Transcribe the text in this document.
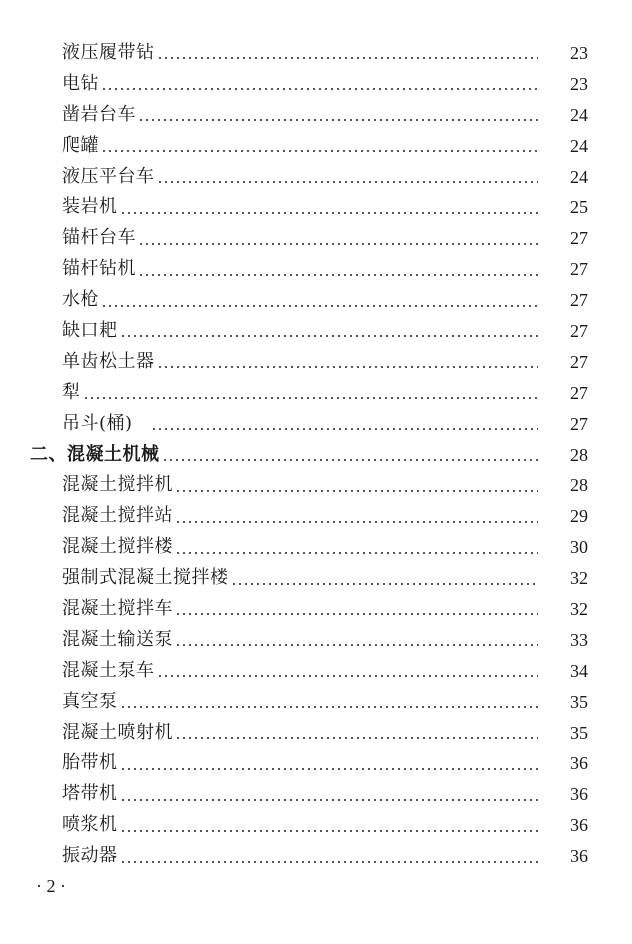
液压履带钻	23
电钻	23
凿岩台车	24
爬罐	24
液压平台车	24
装岩机	25
锚杆台车	27
锚杆钻机	27
水枪	27
缺口耙	27
单齿松土器	27
犁	27
吊斗(桶)	27
二、混凝土机械	28
混凝土搅拌机	28
混凝土搅拌站	29
混凝土搅拌楼	30
强制式混凝土搅拌楼	32
混凝土搅拌车	32
混凝土输送泵	33
混凝土泵车	34
真空泵	35
混凝土喷射机	35
胎带机	36
塔带机	36
喷浆机	36
振动器	36
· 2 ·
